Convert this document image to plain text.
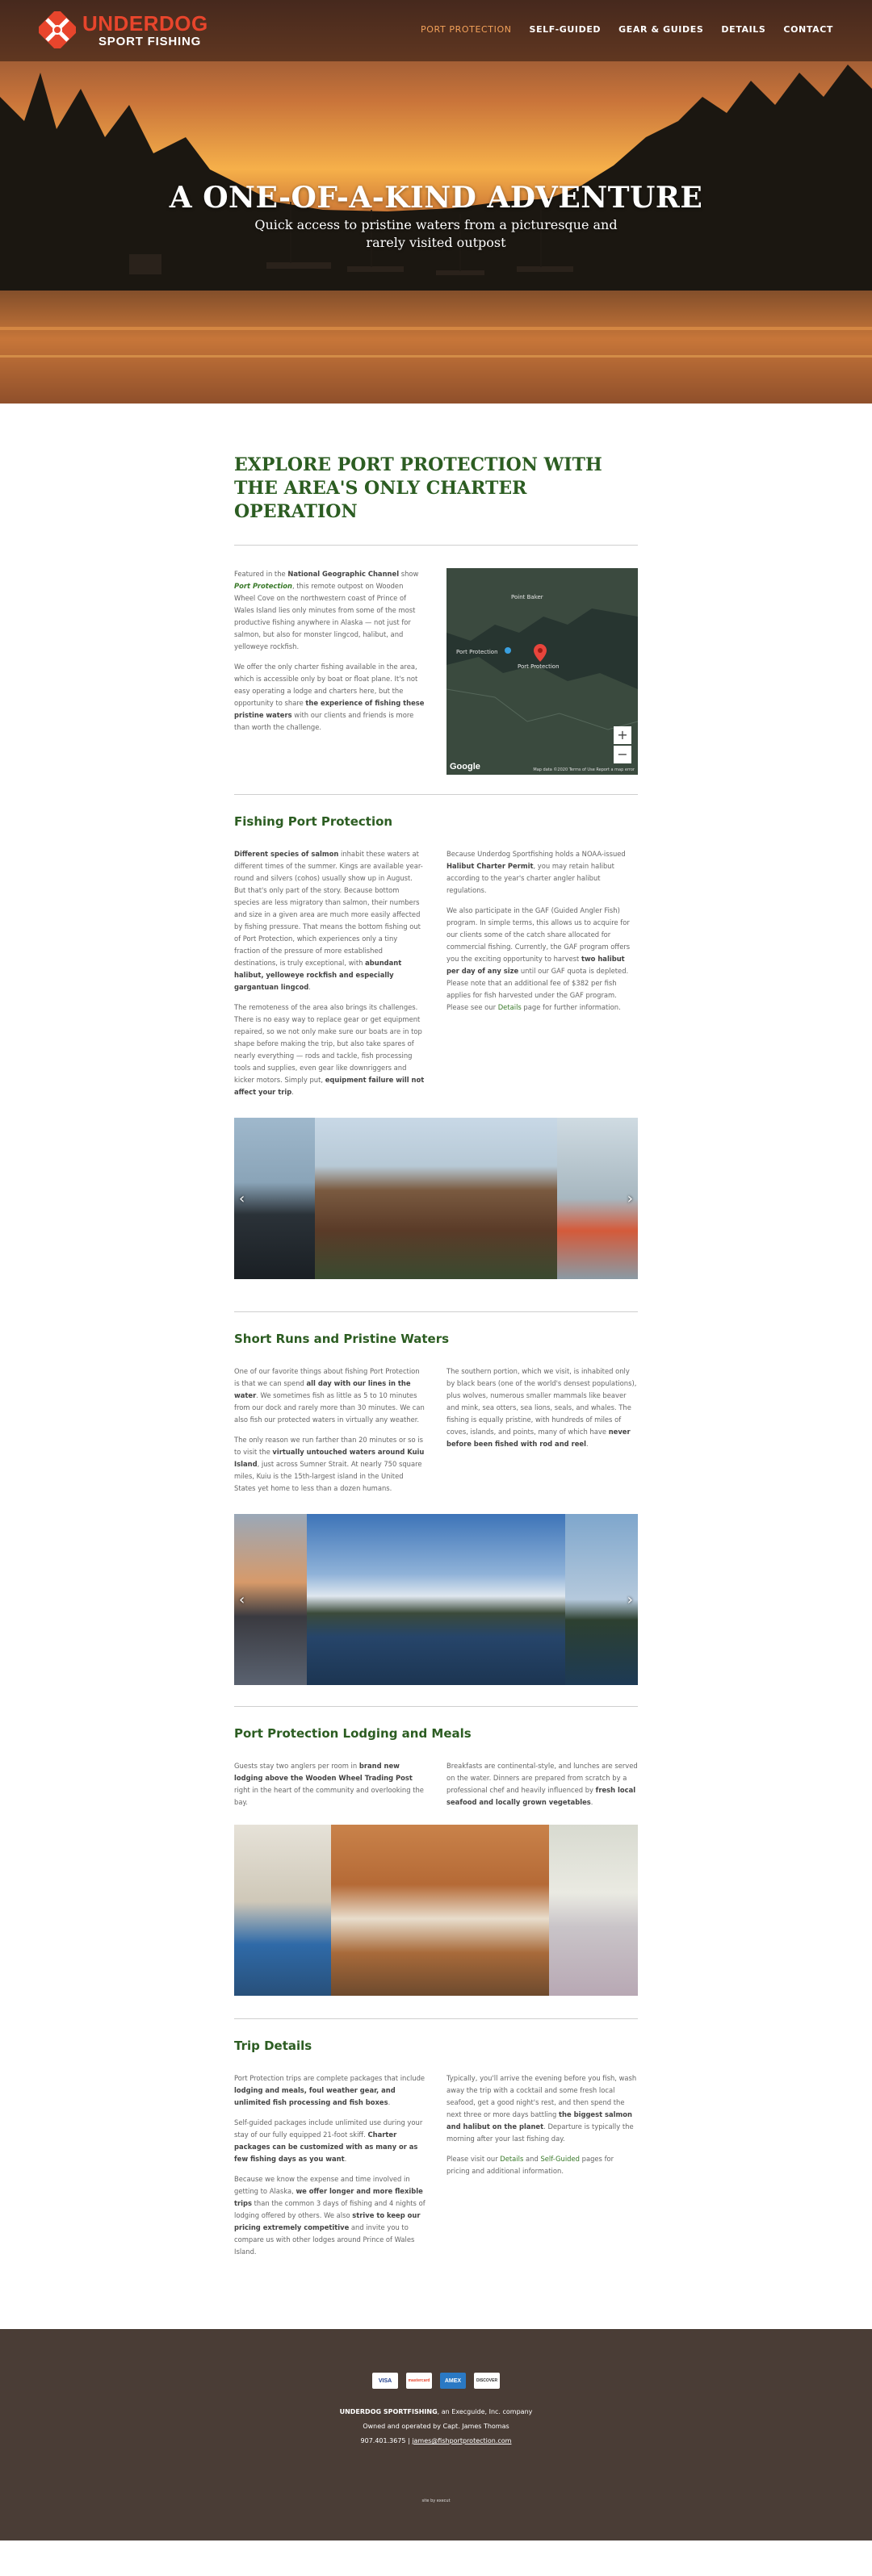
UNDERDOG
SPORT FISHING
PORT PROTECTION SELF-GUIDED GEAR & GUIDES DETAILS CONTACT
A ONE-OF-A-KIND ADVENTURE
Quick access to pristine waters from a picturesque and
rarely visited outpost
EXPLORE PORT PROTECTION WITH THE AREA'S ONLY CHARTER OPERATION

Featured in the National Geographic Channel show Port Protection, this remote outpost on Wooden Wheel Cove on the northwestern coast of Prince of Wales Island lies only minutes from some of the most productive fishing anywhere in Alaska — not just for salmon, but also for monster lingcod, halibut, and yelloweye rockfish.

We offer the only charter fishing available in the area, which is accessible only by boat or float plane. It's not easy operating a lodge and charters here, but the opportunity to share the experience of fishing these pristine waters with our clients and friends is more than worth the challenge.

Point Baker
Port Protection
Port Protection
+
−
Google	Map data ©2020 Terms of Use Report a map error
Fishing Port Protection

Different species of salmon inhabit these waters at different times of the summer. Kings are available year-round and silvers (cohos) usually show up in August. But that's only part of the story. Because bottom species are less migratory than salmon, their numbers and size in a given area are much more easily affected by fishing pressure. That means the bottom fishing out of Port Protection, which experiences only a tiny fraction of the pressure of more established destinations, is truly exceptional, with abundant halibut, yelloweye rockfish and especially gargantuan lingcod.

The remoteness of the area also brings its challenges. There is no easy way to replace gear or get equipment repaired, so we not only make sure our boats are in top shape before making the trip, but also take spares of nearly everything — rods and tackle, fish processing tools and supplies, even gear like downriggers and kicker motors. Simply put, equipment failure will not affect your trip.

Because Underdog Sportfishing holds a NOAA-issued Halibut Charter Permit, you may retain halibut according to the year's charter angler halibut regulations.

We also participate in the GAF (Guided Angler Fish) program. In simple terms, this allows us to acquire for our clients some of the catch share allocated for commercial fishing. Currently, the GAF program offers you the exciting opportunity to harvest two halibut per day of any size until our GAF quota is depleted. Please note that an additional fee of $382 per fish applies for fish harvested under the GAF program. Please see our Details page for further information.

‹	›
Short Runs and Pristine Waters

One of our favorite things about fishing Port Protection is that we can spend all day with our lines in the water. We sometimes fish as little as 5 to 10 minutes from our dock and rarely more than 30 minutes. We can also fish our protected waters in virtually any weather.

The only reason we run farther than 20 minutes or so is to visit the virtually untouched waters around Kuiu Island, just across Sumner Strait. At nearly 750 square miles, Kuiu is the 15th-largest island in the United States yet home to less than a dozen humans.

The southern portion, which we visit, is inhabited only by black bears (one of the world's densest populations), plus wolves, numerous smaller mammals like beaver and mink, sea otters, sea lions, seals, and whales. The fishing is equally pristine, with hundreds of miles of coves, islands, and points, many of which have never before been fished with rod and reel.

‹	›
Port Protection Lodging and Meals

Guests stay two anglers per room in brand new lodging above the Wooden Wheel Trading Post right in the heart of the community and overlooking the bay.

Breakfasts are continental-style, and lunches are served on the water. Dinners are prepared from scratch by a professional chef and heavily influenced by fresh local seafood and locally grown vegetables.

Trip Details

Port Protection trips are complete packages that include lodging and meals, foul weather gear, and unlimited fish processing and fish boxes.

Self-guided packages include unlimited use during your stay of our fully equipped 21-foot skiff. Charter packages can be customized with as many or as few fishing days as you want.

Because we know the expense and time involved in getting to Alaska, we offer longer and more flexible trips than the common 3 days of fishing and 4 nights of lodging offered by others. We also strive to keep our pricing extremely competitive and invite you to compare us with other lodges around Prince of Wales Island.

Typically, you'll arrive the evening before you fish, wash away the trip with a cocktail and some fresh local seafood, get a good night's rest, and then spend the next three or more days battling the biggest salmon and halibut on the planet. Departure is typically the morning after your last fishing day.

Please visit our Details and Self-Guided pages for pricing and additional information.

VISA	mastercard	AMEX	DISCOVER
UNDERDOG SPORTFISHING, an Execguide, Inc. company
Owned and operated by Capt. James Thomas
907.401.3675 | james@fishportprotection.com
site by execut
